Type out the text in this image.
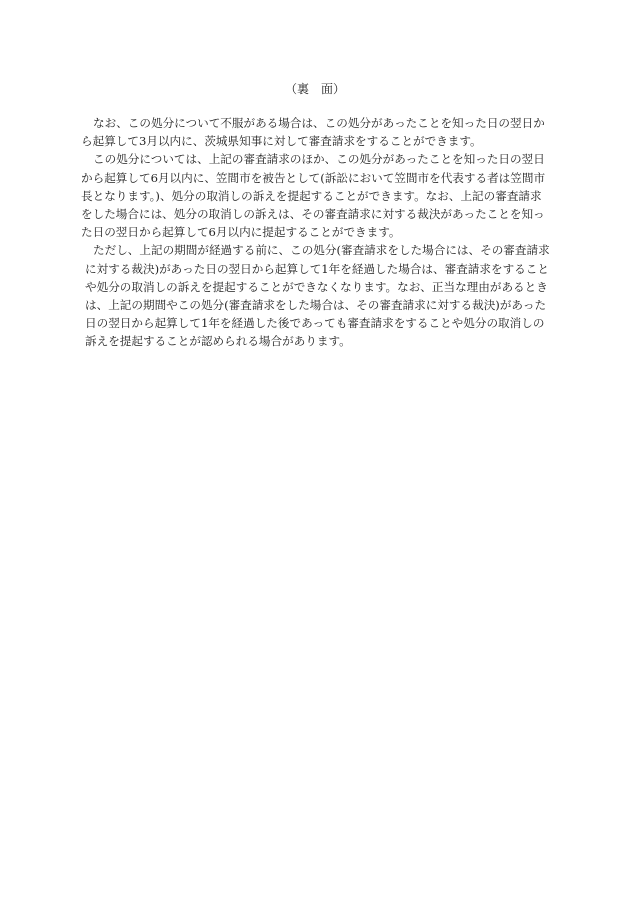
（裏　面）
なお、この処分について不服がある場合は、この処分があったことを知った日の翌日か
ら起算して3月以内に、茨城県知事に対して審査請求をすることができます。
この処分については、上記の審査請求のほか、この処分があったことを知った日の翌日
から起算して6月以内に、笠間市を被告として(訴訟において笠間市を代表する者は笠間市
長となります。)、処分の取消しの訴えを提起することができます。なお、上記の審査請求
をした場合には、処分の取消しの訴えは、その審査請求に対する裁決があったことを知っ
た日の翌日から起算して6月以内に提起することができます。
ただし、上記の期間が経過する前に、この処分(審査請求をした場合には、その審査請求
に対する裁決)があった日の翌日から起算して1年を経過した場合は、審査請求をすること
や処分の取消しの訴えを提起することができなくなります。なお、正当な理由があるとき
は、上記の期間やこの処分(審査請求をした場合は、その審査請求に対する裁決)があった
日の翌日から起算して1年を経過した後であっても審査請求をすることや処分の取消しの
訴えを提起することが認められる場合があります。
